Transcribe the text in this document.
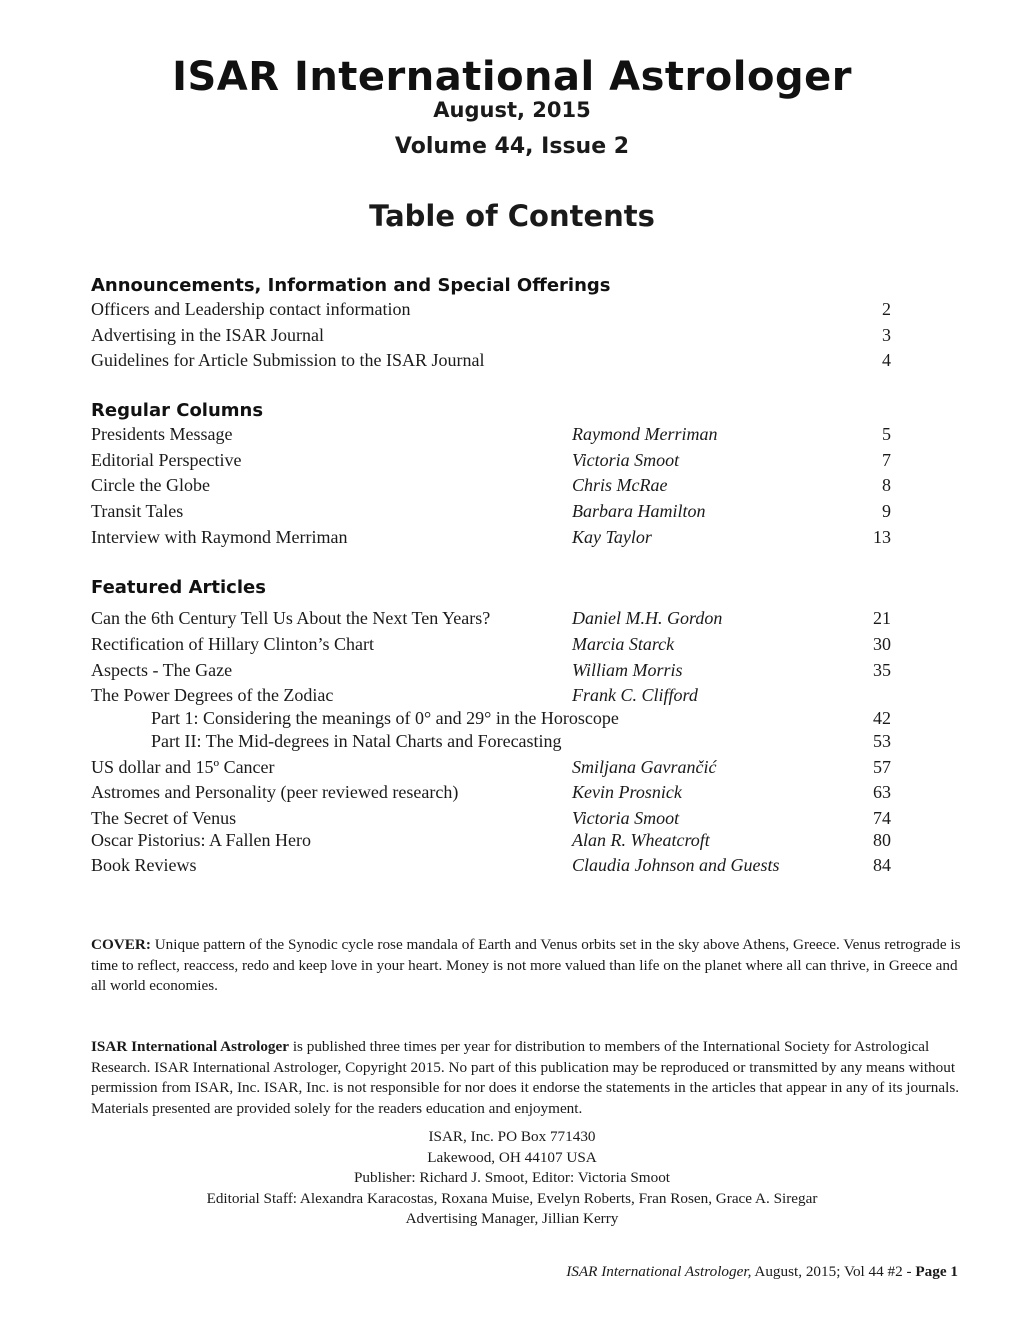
ISAR International Astrologer
August, 2015
Volume 44, Issue 2
Table of Contents
Announcements, Information and Special Offerings
Officers and Leadership contact information	2
Advertising in the ISAR Journal	3
Guidelines for Article Submission to the ISAR Journal	4
Regular Columns
Presidents Message	Raymond Merriman	5
Editorial Perspective	Victoria Smoot	7
Circle the Globe	Chris McRae	8
Transit Tales	Barbara Hamilton	9
Interview with Raymond Merriman	Kay Taylor	13
Featured Articles
Can the 6th Century Tell Us About the Next Ten Years?	Daniel M.H. Gordon	21
Rectification of Hillary Clinton’s Chart	Marcia Starck	30
Aspects - The Gaze	William Morris	35
The Power Degrees of the Zodiac	Frank C. Clifford
Part 1: Considering the meanings of 0° and 29° in the Horoscope	42
Part II: The Mid-degrees in Natal Charts and Forecasting	53
US dollar and 15º Cancer	Smiljana Gavrančić	57
Astromes and Personality (peer reviewed research)	Kevin Prosnick	63
The Secret of Venus	Victoria Smoot	74
Oscar Pistorius: A Fallen Hero	Alan R. Wheatcroft	80
Book Reviews	Claudia Johnson and Guests	84
COVER: Unique pattern of the Synodic cycle rose mandala of Earth and Venus orbits set in the sky above Athens, Greece. Venus retrograde is time to reflect, reaccess, redo and keep love in your heart. Money is not more valued than life on the planet where all can thrive, in Greece and all world economies.
ISAR International Astrologer is published three times per year for distribution to members of the International Society for Astrological Research. ISAR International Astrologer, Copyright 2015. No part of this publication may be reproduced or transmitted by any means without permission from ISAR, Inc. ISAR, Inc. is not responsible for nor does it endorse the statements in the articles that appear in any of its journals. Materials presented are provided solely for the readers education and enjoyment.
ISAR, Inc. PO Box 771430
Lakewood, OH 44107 USA
Publisher: Richard J. Smoot, Editor: Victoria Smoot
Editorial Staff: Alexandra Karacostas, Roxana Muise, Evelyn Roberts, Fran Rosen, Grace A. Siregar
Advertising Manager, Jillian Kerry
ISAR International Astrologer, August, 2015; Vol 44 #2 - Page 1
